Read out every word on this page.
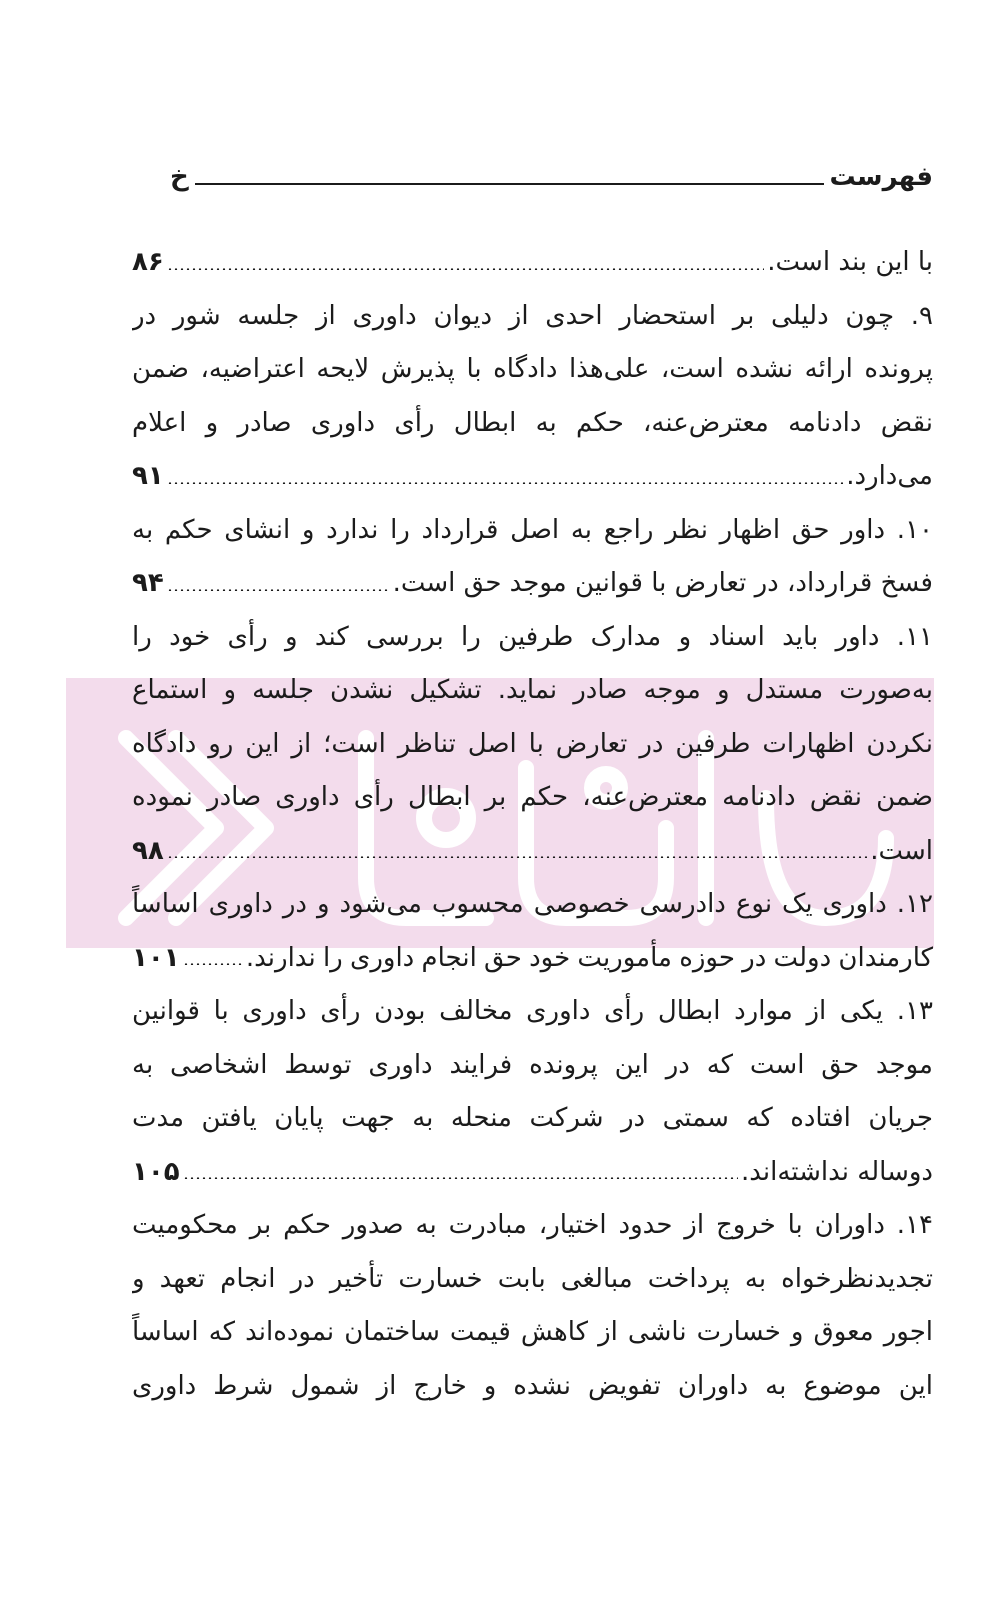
فهرست
خ
با این بند است.
۸۶
۹. چون دلیلی بر استحضار احدی از دیوان داوری از جلسه شور در
پرونده ارائه نشده است، علی‌هذا دادگاه با پذیرش لایحه اعتراضیه، ضمن
نقض دادنامه معترض‌عنه، حکم به ابطال رأی داوری صادر و اعلام
می‌دارد.
۹۱
۱۰. داور حق اظهار نظر راجع به اصل قرارداد را ندارد و انشای حکم به
فسخ قرارداد، در تعارض با قوانین موجد حق است.
۹۴
۱۱. داور باید اسناد و مدارک طرفین را بررسی کند و رأی خود را
به‌صورت مستدل و موجه صادر نماید. تشکیل نشدن جلسه و استماع
نکردن اظهارات طرفین در تعارض با اصل تناظر است؛ از این رو دادگاه
ضمن نقض دادنامه معترض‌عنه، حکم بر ابطال رأی داوری صادر نموده
است.
۹۸
۱۲. داوری یک نوع دادرسی خصوصی محسوب می‌شود و در داوری اساساً
کارمندان دولت در حوزه مأموریت خود حق انجام داوری را ندارند.
۱۰۱
۱۳. یکی از موارد ابطال رأی داوری مخالف بودن رأی داوری با قوانین
موجد حق است که در این پرونده فرایند داوری توسط اشخاصی به
جریان افتاده که سمتی در شرکت منحله به جهت پایان یافتن مدت
دوساله نداشته‌اند.
۱۰۵
۱۴. داوران با خروج از حدود اختیار، مبادرت به صدور حکم بر محکومیت
تجدیدنظرخواه به پرداخت مبالغی بابت خسارت تأخیر در انجام تعهد و
اجور معوق و خسارت ناشی از کاهش قیمت ساختمان نموده‌اند که اساساً
این موضوع به داوران تفویض نشده و خارج از شمول شرط داوری
